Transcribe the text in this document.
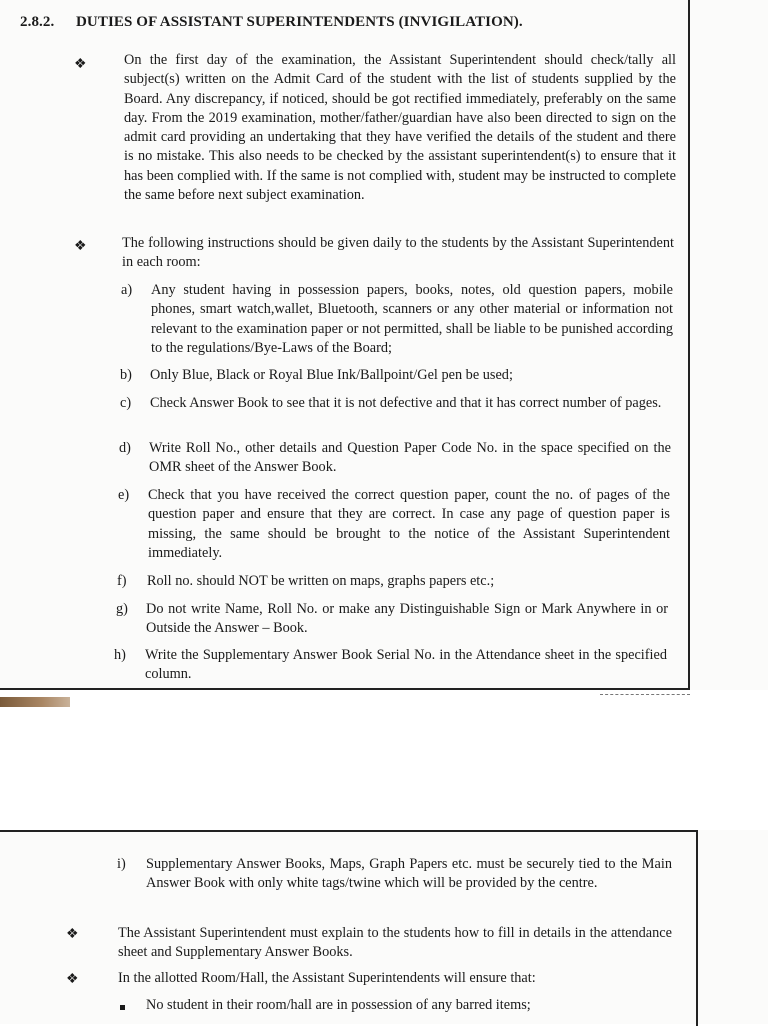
2.8.2. DUTIES OF ASSISTANT SUPERINTENDENTS (INVIGILATION).
❖	On the first day of the examination, the Assistant Superintendent should check/tally all subject(s) written on the Admit Card of the student with the list of students supplied by the Board. Any discrepancy, if noticed, should be got rectified immediately, preferably on the same day. From the 2019 examination, mother/father/guardian have also been directed to sign on the admit card providing an undertaking that they have verified the details of the student and there is no mistake. This also needs to be checked by the assistant superintendent(s) to ensure that it has been complied with. If the same is not complied with, student may be instructed to complete the same before next subject examination.
❖ The following instructions should be given daily to the students by the Assistant Superintendent in each room:
a) Any student having in possession papers, books, notes, old question papers, mobile phones, smart watch,wallet, Bluetooth, scanners or any other material or information not relevant to the examination paper or not permitted, shall be liable to be punished according to the regulations/Bye-Laws of the Board;
b) Only Blue, Black or Royal Blue Ink/Ballpoint/Gel pen be used;
c) Check Answer Book to see that it is not defective and that it has correct number of pages.
d) Write Roll No., other details and Question Paper Code No. in the space specified on the OMR sheet of the Answer Book.
e) Check that you have received the correct question paper, count the no. of pages of the question paper and ensure that they are correct. In case any page of question paper is missing, the same should be brought to the notice of the Assistant Superintendent immediately.
f) Roll no. should NOT be written on maps, graphs papers etc.;
g) Do not write Name, Roll No. or make any Distinguishable Sign or Mark Anywhere in or Outside the Answer – Book.
h) Write the Supplementary Answer Book Serial No. in the Attendance sheet in the specified column.
i) Supplementary Answer Books, Maps, Graph Papers etc. must be securely tied to the Main Answer Book with only white tags/twine which will be provided by the centre.
❖	The Assistant Superintendent must explain to the students how to fill in details in the attendance sheet and Supplementary Answer Books.
❖	In the allotted Room/Hall, the Assistant Superintendents will ensure that:
No student in their room/hall are in possession of any barred items;
